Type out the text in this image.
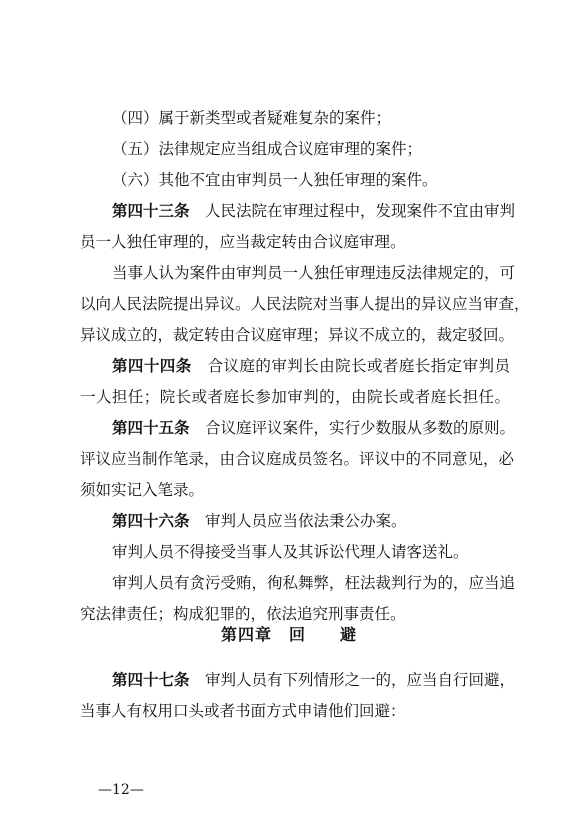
（四）属于新类型或者疑难复杂的案件；
（五）法律规定应当组成合议庭审理的案件；
（六）其他不宜由审判员一人独任审理的案件。
第四十三条　 人民法院在审理过程中，发现案件不宜由审判
员一人独任审理的，应当裁定转由合议庭审理。
当事人认为案件由审判员一人独任审理违反法律规定的，可
以向人民法院提出异议。人民法院对当事人提出的异议应当审查，
异议成立的，裁定转由合议庭审理；异议不成立的，裁定驳回。
第四十四条　 合议庭的审判长由院长或者庭长指定审判员
一人担任；院长或者庭长参加审判的，由院长或者庭长担任。
第四十五条　 合议庭评议案件，实行少数服从多数的原则。
评议应当制作笔录，由合议庭成员签名。评议中的不同意见，必
须如实记入笔录。
第四十六条　 审判人员应当依法秉公办案。
审判人员不得接受当事人及其诉讼代理人请客送礼。
审判人员有贪污受贿，徇私舞弊，枉法裁判行为的，应当追
究法律责任；构成犯罪的，依法追究刑事责任。
第四章　回　　避
第四十七条　 审判人员有下列情形之一的，应当自行回避，
当事人有权用口头或者书面方式申请他们回避：
—12—
